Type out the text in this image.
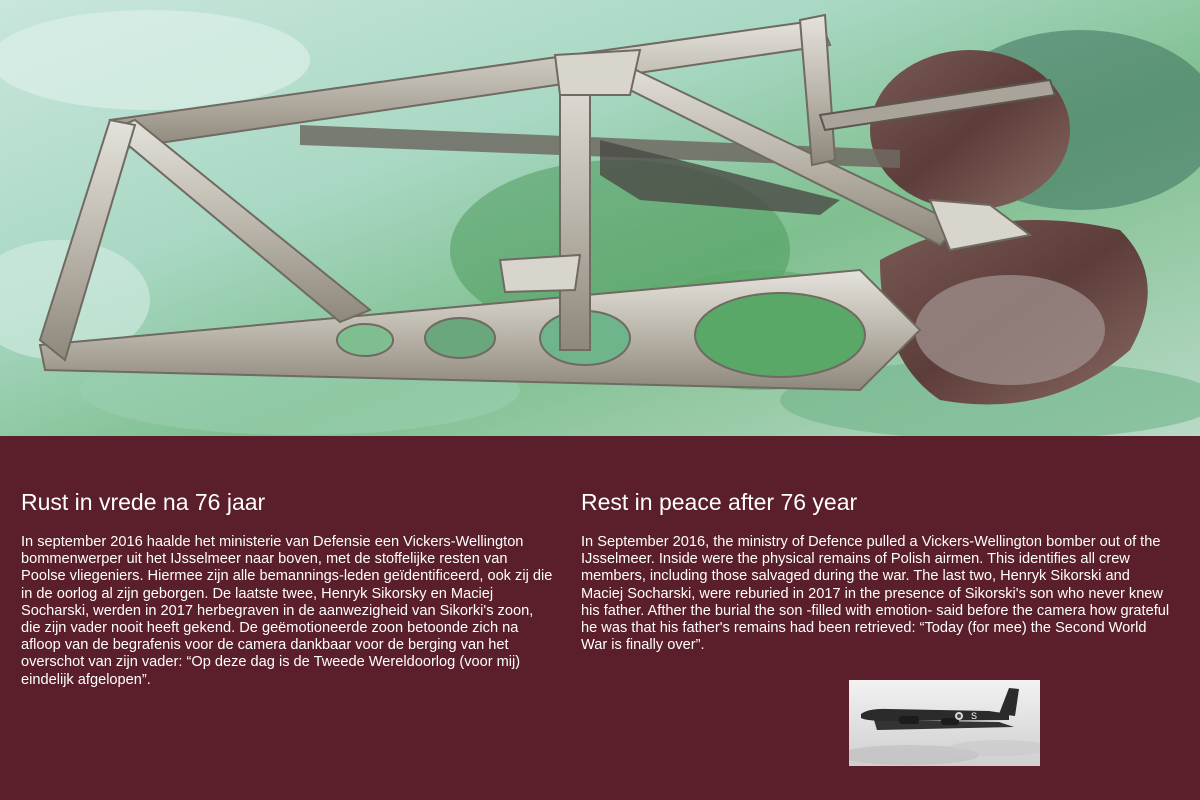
Rust in vrede na 76 jaar

In september 2016 haalde het ministerie van Defensie een Vickers-Wellington bommenwerper uit het IJsselmeer naar boven, met de stoffelijke resten van Poolse vliegeniers. Hiermee zijn alle bemannings-leden geïdentificeerd, ook zij die in de oorlog al zijn geborgen. De laatste twee, Henryk Sikorsky en Maciej Socharski, werden in 2017 herbegraven in de aanwezigheid van Sikorki's zoon, die zijn vader nooit heeft gekend. De geëmotioneerde zoon betoonde zich na afloop van de begrafenis voor de camera dankbaar voor de berging van het overschot van zijn vader: “Op deze dag is de Tweede Wereldoorlog (voor mij) eindelijk afgelopen”.

Rest in peace after 76 year

In September 2016, the ministry of Defence pulled a Vickers-Wellington bomber out of the IJsselmeer. Inside were the physical remains of Polish airmen. This identifies all crew members, including those salvaged during the war. The last two, Henryk Sikorski and Maciej Socharski, were reburied in 2017 in the presence of Sikorski's son who never knew his father. Afther the burial the son -filled with emotion- said before the camera how grateful he was that his father's remains had been retrieved: “Today (for mee) the Second World War is finally over”.

S
